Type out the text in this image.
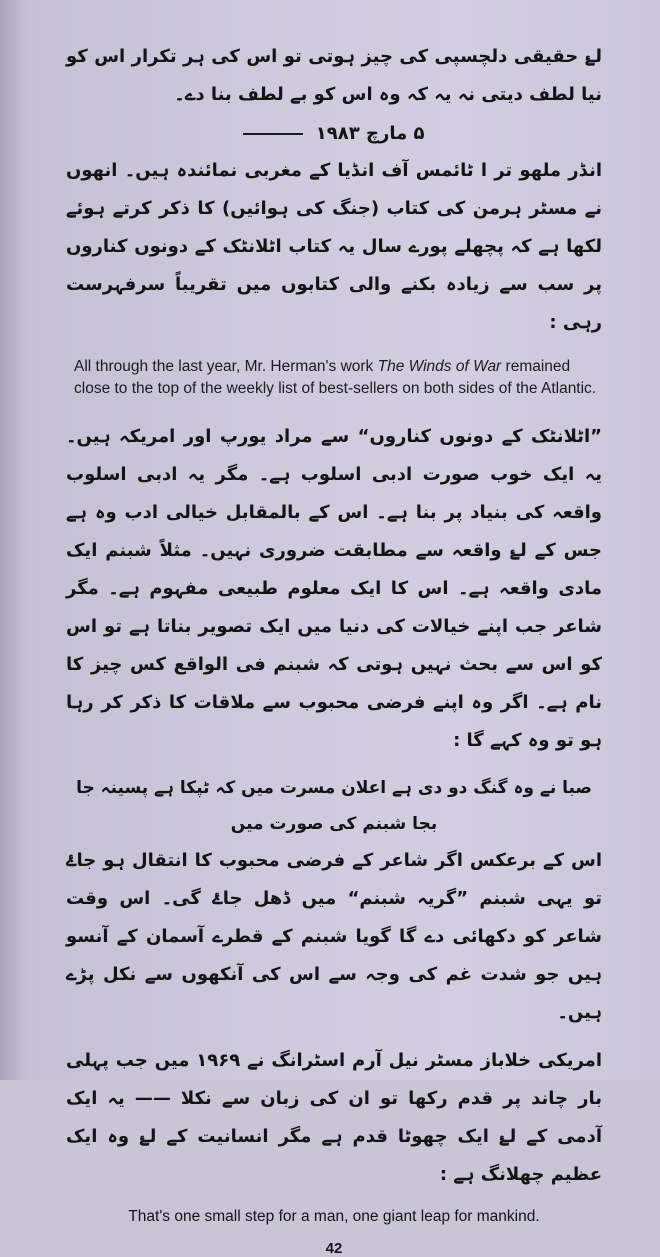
لۓ حقیقی دلچسپی کی چیز ہوتی تو اس کی ہر تکرار اس کو نیا لطف دیتی نہ یہ کہ وہ اس کو بے لطف بنا دے۔

۵ مارچ ۱۹۸۳

انڈر ملھو تر ا ٹائمس آف انڈیا کے مغربی نمائندہ ہیں۔ انھوں نے مسٹر ہرمن کی کتاب (جنگ کی ہوائیں) کا ذکر کرتے ہوئے لکھا ہے کہ پچھلے پورے سال یہ کتاب اٹلانٹک کے دونوں کناروں پر سب سے زیادہ بکنے والی کتابوں میں تقریباً سرفہرست رہی :

All through the last year, Mr. Herman's work The Winds of War remained close to the top of the weekly list of best-sellers on both sides of the Atlantic.

”اٹلانٹک کے دونوں کناروں“ سے مراد یورپ اور امریکہ ہیں۔ یہ ایک خوب صورت ادبی اسلوب ہے۔ مگر یہ ادبی اسلوب واقعہ کی بنیاد پر بنا ہے۔ اس کے بالمقابل خیالی ادب وہ ہے جس کے لۓ واقعہ سے مطابقت ضروری نہیں۔ مثلاً شبنم ایک مادی واقعہ ہے۔ اس کا ایک معلوم طبیعی مفہوم ہے۔ مگر شاعر جب اپنے خیالات کی دنیا میں ایک تصویر بناتا ہے تو اس کو اس سے بحث نہیں ہوتی کہ شبنم فی الواقع کس چیز کا نام ہے۔ اگر وہ اپنے فرضی محبوب سے ملاقات کا ذکر کر رہا ہو تو وہ کہے گا :

صبا نے وہ گنگ دو دی ہے اعلان مسرت میں کہ ٹپکا ہے پسینہ جا بجا شبنم کی صورت میں

اس کے برعکس اگر شاعر کے فرضی محبوب کا انتقال ہو جاۓ تو یہی شبنم ”گریہ شبنم“ میں ڈھل جاۓ گی۔ اس وقت شاعر کو دکھائی دے گا گویا شبنم کے قطرے آسمان کے آنسو ہیں جو شدت غم کی وجہ سے اس کی آنکھوں سے نکل پڑے ہیں۔

امریکی خلاباز مسٹر نیل آرم اسٹرانگ نے ۱۹۶۹ میں جب پہلی بار چاند پر قدم رکھا تو ان کی زبان سے نکلا —— یہ ایک آدمی کے لۓ ایک چھوٹا قدم ہے مگر انسانیت کے لۓ وہ ایک عظیم چھلانگ ہے :

That's one small step for a man, one giant leap for mankind.

42
